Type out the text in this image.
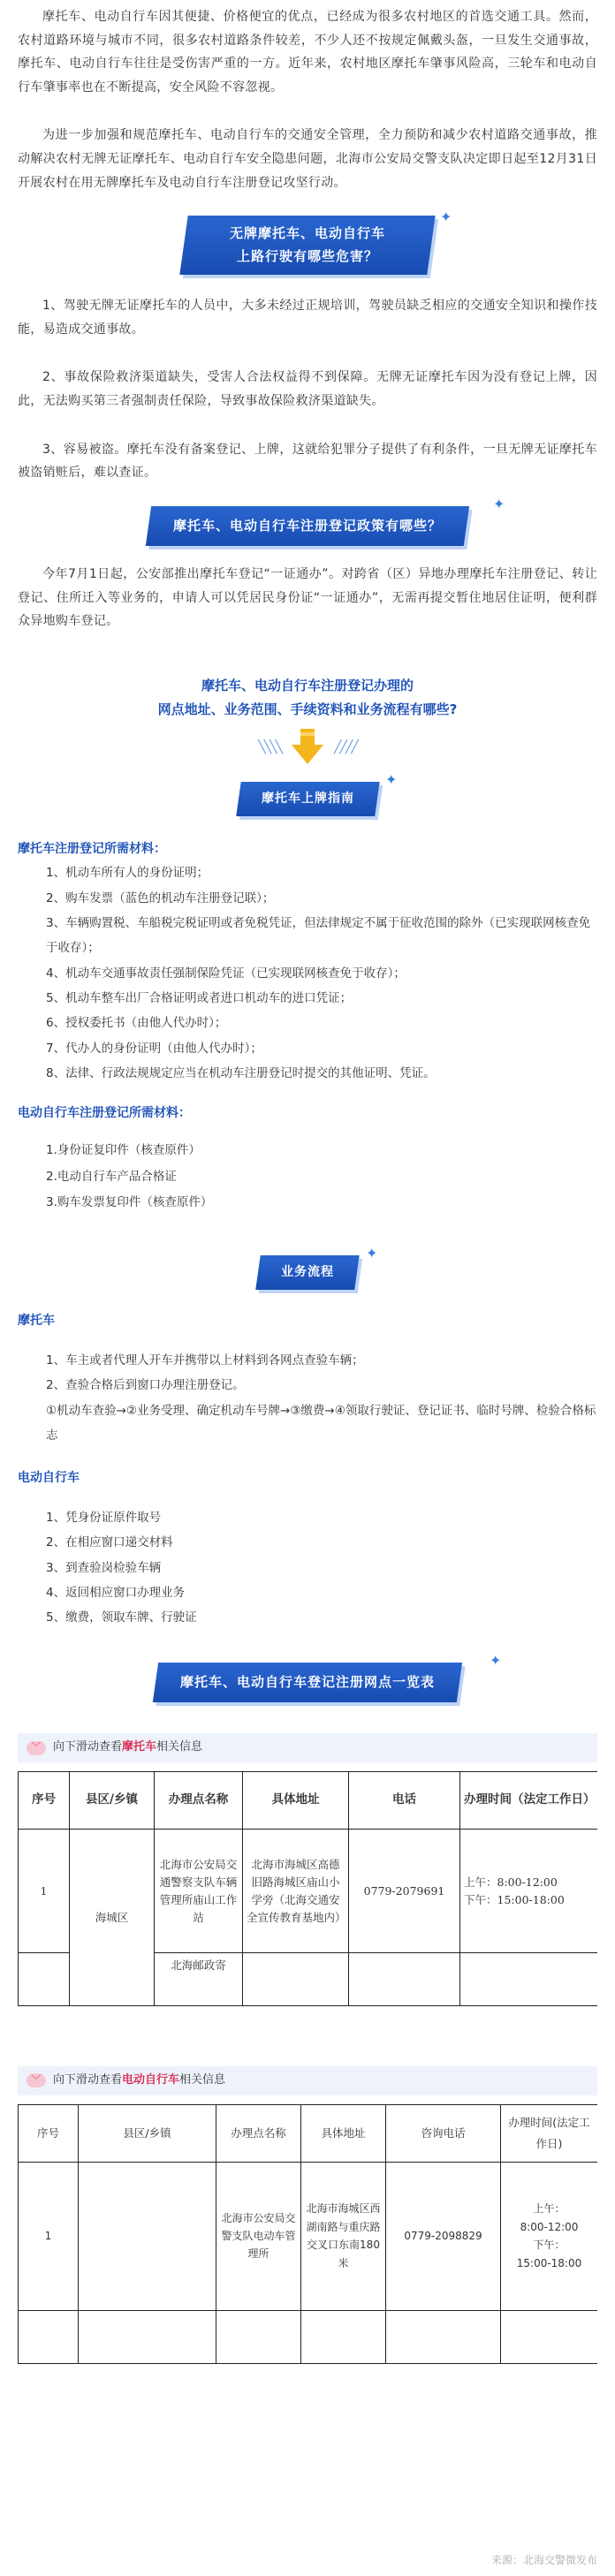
摩托车、电动自行车因其便捷、价格便宜的优点，已经成为很多农村地区的首选交通工具。然而，农村道路环境与城市不同，很多农村道路条件较差，不少人还不按规定佩戴头盔，一旦发生交通事故，摩托车、电动自行车往往是受伤害严重的一方。近年来，农村地区摩托车肇事风险高，三轮车和电动自行车肇事率也在不断提高，安全风险不容忽视。

为进一步加强和规范摩托车、电动自行车的交通安全管理，全力预防和减少农村道路交通事故，推动解决农村无牌无证摩托车、电动自行车安全隐患问题，北海市公安局交警支队决定即日起至12月31日开展农村在用无牌摩托车及电动自行车注册登记攻坚行动。

无牌摩托车、电动自行车
上路行驶有哪些危害？
✦

1、驾驶无牌无证摩托车的人员中，大多未经过正规培训，驾驶员缺乏相应的交通安全知识和操作技能，易造成交通事故。

2、事故保险救济渠道缺失，受害人合法权益得不到保障。无牌无证摩托车因为没有登记上牌，因此，无法购买第三者强制责任保险，导致事故保险救济渠道缺失。

3、容易被盗。摩托车没有备案登记、上牌，这就给犯罪分子提供了有利条件，一旦无牌无证摩托车被盗销赃后，难以查证。

摩托车、电动自行车注册登记政策有哪些？
✦

今年7月1日起，公安部推出摩托车登记“一证通办”。对跨省（区）异地办理摩托车注册登记、转让登记、住所迁入等业务的，申请人可以凭居民身份证“一证通办”，无需再提交暂住地居住证明，便利群众异地购车登记。

摩托车、电动自行车注册登记办理的
网点地址、业务范围、手续资料和业务流程有哪些?
╲╲╲╲	╱╱╱╱
摩托车上牌指南
✦
摩托车注册登记所需材料：
1、机动车所有人的身份证明；
2、购车发票（蓝色的机动车注册登记联）；
3、车辆购置税、车船税完税证明或者免税凭证，但法律规定不属于征收范围的除外（已实现联网核查免于收存）；
4、机动车交通事故责任强制保险凭证（已实现联网核查免于收存）；
5、机动车整车出厂合格证明或者进口机动车的进口凭证；
6、授权委托书（由他人代办时）；
7、代办人的身份证明（由他人代办时）；
8、法律、行政法规规定应当在机动车注册登记时提交的其他证明、凭证。
电动自行车注册登记所需材料：
1.身份证复印件（核查原件）
2.电动自行车产品合格证
3.购车发票复印件（核查原件）
业务流程
✦
摩托车
1、车主或者代理人开车并携带以上材料到各网点查验车辆；
2、查验合格后到窗口办理注册登记。
①机动车查验→②业务受理、确定机动车号牌→③缴费→④领取行驶证、登记证书、临时号牌、检验合格标志
电动自行车
1、凭身份证原件取号
2、在相应窗口递交材料
3、到查验岗检验车辆
4、返回相应窗口办理业务
5、缴费，领取车牌、行驶证
摩托车、电动自行车登记注册网点一览表
✦
﹀	向下滑动查看摩托车相关信息
序号	县区/乡镇	办理点名称	具体地址	电话	办理时间（法定工作日）
1	海城区	北海市公安局交通警察支队车辆管理所庙山工作站	北海市海城区高德旧路海城区庙山小学旁（北海交通安全宣传教育基地内）	0779-2079691	上午：8:00-12:00
下午：15:00-18:00

		北海邮政寄			
﹀	向下滑动查看电动自行车相关信息
序号	县区/乡镇	办理点名称	具体地址	咨询电话	办理时间(法定工作日)
1		北海市公安局交警支队电动车管理所	北海市海城区西湖南路与重庆路交叉口东南180米	0779-2098829	上午：
8:00-12:00
下午：
15:00-18:00

来源：北海交警微发布
